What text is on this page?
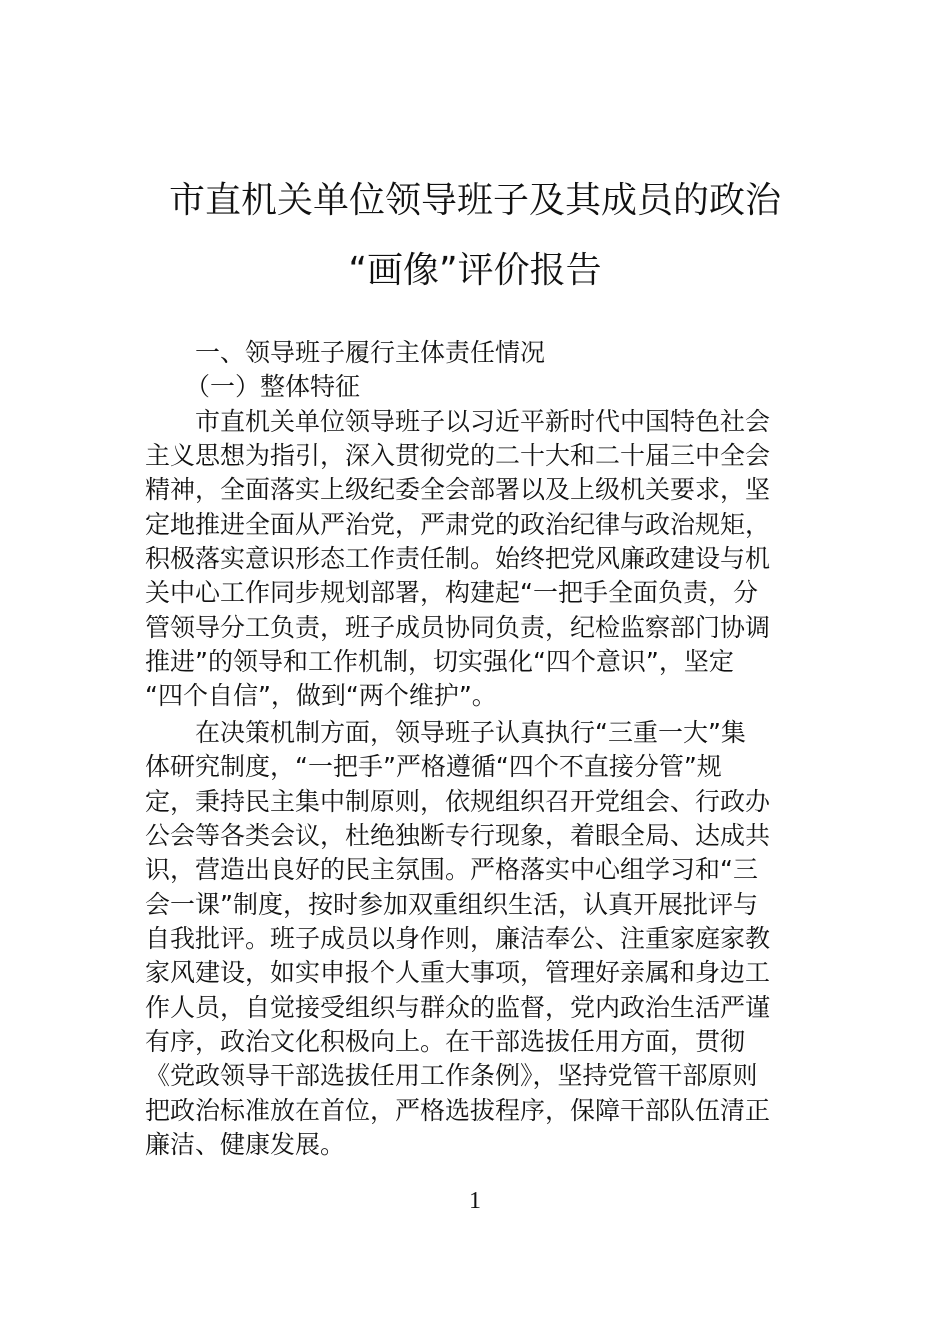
市直机关单位领导班子及其成员的政治
“画像”评价报告
一、领导班子履行主体责任情况
（一）整体特征
市直机关单位领导班子以习近平新时代中国特色社会
主义思想为指引，深入贯彻党的二十大和二十届三中全会
精神，全面落实上级纪委全会部署以及上级机关要求，坚
定地推进全面从严治党，严肃党的政治纪律与政治规矩，
积极落实意识形态工作责任制。始终把党风廉政建设与机
关中心工作同步规划部署，构建起“一把手全面负责，分
管领导分工负责，班子成员协同负责，纪检监察部门协调
推进”的领导和工作机制，切实强化“四个意识”，坚定
“四个自信”，做到“两个维护”。
在决策机制方面，领导班子认真执行“三重一大”集
体研究制度，“一把手”严格遵循“四个不直接分管”规
定，秉持民主集中制原则，依规组织召开党组会、行政办
公会等各类会议，杜绝独断专行现象，着眼全局、达成共
识，营造出良好的民主氛围。严格落实中心组学习和“三
会一课”制度，按时参加双重组织生活，认真开展批评与
自我批评。班子成员以身作则，廉洁奉公、注重家庭家教
家风建设，如实申报个人重大事项，管理好亲属和身边工
作人员，自觉接受组织与群众的监督，党内政治生活严谨
有序，政治文化积极向上。在干部选拔任用方面，贯彻
《党政领导干部选拔任用工作条例》，坚持党管干部原则
把政治标准放在首位，严格选拔程序，保障干部队伍清正
廉洁、健康发展。
1
